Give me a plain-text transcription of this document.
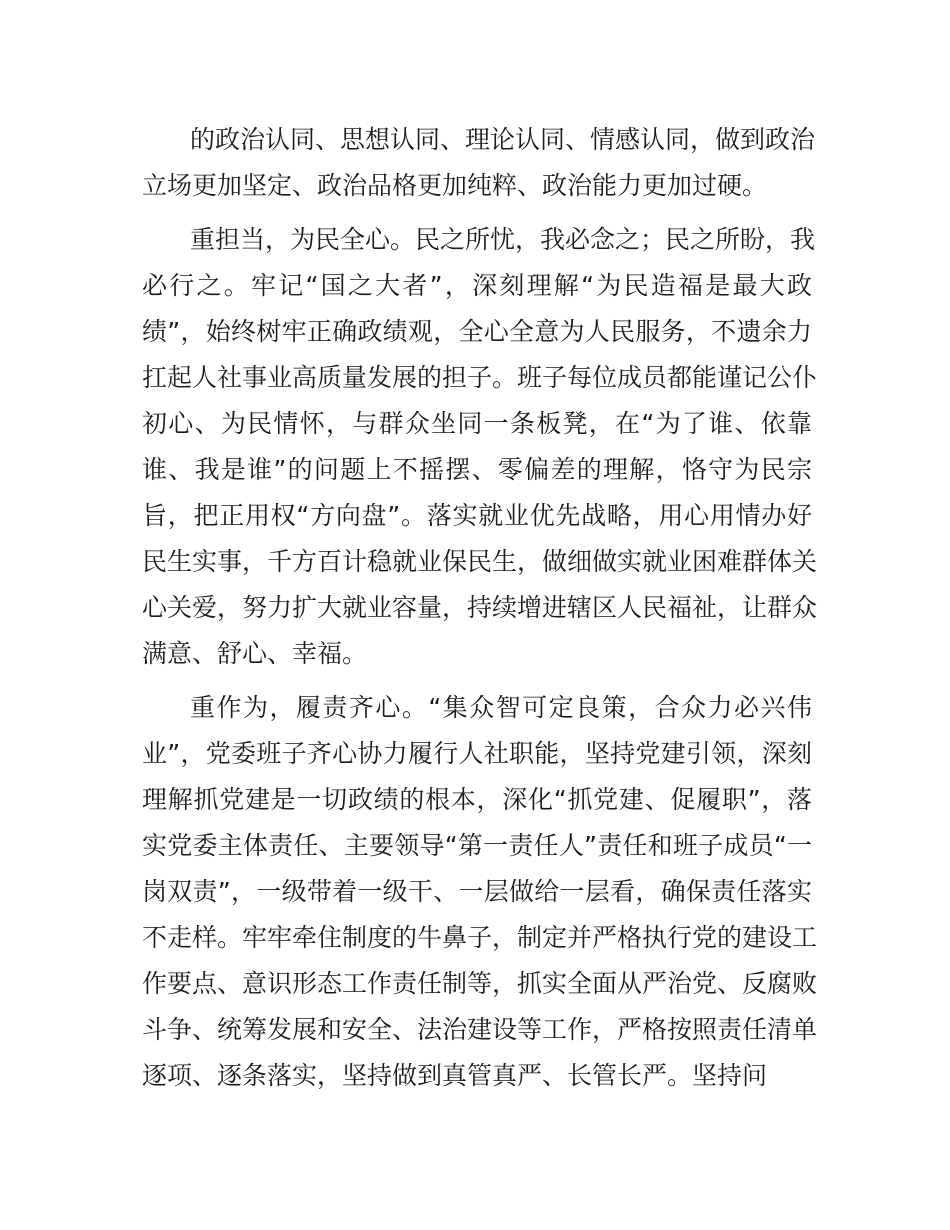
的政治认同、思想认同、理论认同、情感认同，做到政治
立场更加坚定、政治品格更加纯粹、政治能力更加过硬。
重担当，为民全心。民之所忧，我必念之；民之所盼，我
必行之。牢记“国之大者”，深刻理解“为民造福是最大政
绩”，始终树牢正确政绩观，全心全意为人民服务，不遗余力
扛起人社事业高质量发展的担子。班子每位成员都能谨记公仆
初心、为民情怀，与群众坐同一条板凳，在“为了谁、依靠
谁、我是谁”的问题上不摇摆、零偏差的理解，恪守为民宗
旨，把正用权“方向盘”。落实就业优先战略，用心用情办好
民生实事，千方百计稳就业保民生，做细做实就业困难群体关
心关爱，努力扩大就业容量，持续增进辖区人民福祉，让群众
满意、舒心、幸福。
重作为，履责齐心。“集众智可定良策，合众力必兴伟
业”，党委班子齐心协力履行人社职能，坚持党建引领，深刻
理解抓党建是一切政绩的根本，深化“抓党建、促履职”，落
实党委主体责任、主要领导“第一责任人”责任和班子成员“一
岗双责”，一级带着一级干、一层做给一层看，确保责任落实
不走样。牢牢牵住制度的牛鼻子，制定并严格执行党的建设工
作要点、意识形态工作责任制等，抓实全面从严治党、反腐败
斗争、统筹发展和安全、法治建设等工作，严格按照责任清单
逐项、逐条落实，坚持做到真管真严、长管长严。坚持问
